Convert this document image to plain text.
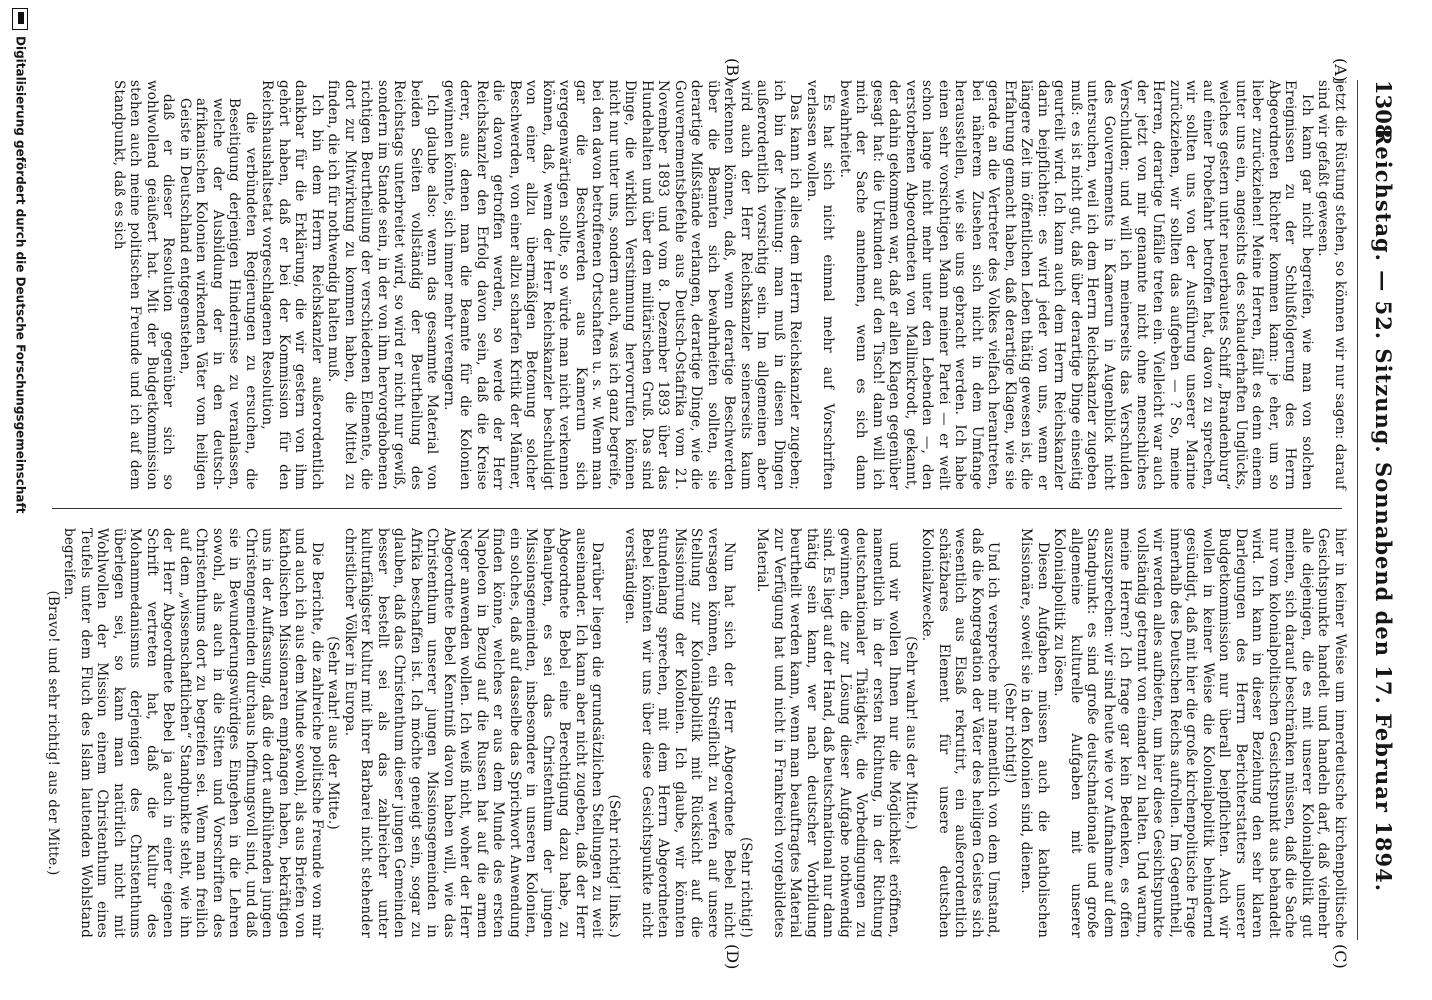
1308
Reichstag. — 52. Sitzung. Sonnabend den 17. Februar 1894.
(A)
(B)
(C)
(D)

jetzt die Rüstung stehen, so können wir nur sagen: darauf sind wir gefaßt gewesen.

Ich kann gar nicht begreifen, wie man von solchen Ereignissen zu der Schlußfolgerung des Herrn Abgeordneten Richter kommen kann: je eher, um so lieber zurückziehen! Meine Herren, fällt es denn einem unter uns ein, angesichts des schauderhaften Unglücks, welches gestern unter neuerbautes Schiff „Brandenburg“ auf einer Probefahrt betroffen hat, davon zu sprechen, wir sollten uns von der Ausführung unserer Marine zurückziehen, wir sollten das aufgeben — ? So, meine Herren, derartige Unfälle treten ein. Vielleicht war auch der jetzt von mir genannte nicht ohne menschliches Verschulden; und will ich meinerseits das Verschulden des Gouvernements in Kamerun in Augenblick nicht untersuchen, weil ich dem Herrn Reichskanzler zugeben muß: es ist nicht gut, daß über derartige Dinge einseitig geurteilt wird. Ich kann auch dem Herrn Reichskanzler darin beipflichten: es wird jeder von uns, wenn er längere Zeit im öffentlichen Leben thätig gewesen ist, die Erfahrung gemacht haben, daß derartige Klagen, wie sie gerade an die Vertreter des Volkes vielfach herantreten, bei näherem Zusehen sich nicht in dem Umfange herausstellen, wie sie uns gebracht werden. Ich habe einen sehr vorsichtigen Mann meiner Partei — er weilt schon lange nicht mehr unter den Lebenden —, den verstorbenen Abgeordneten von Mallinckrodt, gekannt, der dahin gekommen war, daß er allen Klagen gegenüber gesagt hat: die Urkunden auf den Tisch! dann will ich mich der Sache annehmen, wenn es sich dann bewahrheitet.

Es hat sich nicht einmal mehr auf Vorschriften verlassen wollen.

Das kann ich alles dem Herrn Reichskanzler zugeben; ich bin der Meinung: man muß in diesen Dingen außerordentlich vorsichtig sein. Im allgemeinen aber wird auch der Herr Reichskanzler seinerseits kaum verkennen können, daß, wenn derartige Beschwerden über die Beamten sich bewahrheiten sollten, sie derartige Mißstände verlangen, derartige Dinge, wie die Gouvernementsbefehle aus Deutsch-Ostafrika vom 21. November 1893 und vom 8. Dezember 1893 über das Hundehalten und über den militärischen Gruß. Das sind Dinge, die wirklich Verstimmung hervorrufen können nicht nur unter uns, sondern auch, was ich ganz begreife, bei den davon betroffenen Ortschaften u. s. w. Wenn man gar die Beschwerden aus Kamerun sich vergegenwärtigen sollte, so würde man nicht verkennen können, daß, wenn der Herr Reichskanzler beschuldigt von einer allzu übermäßigen Betonung solcher Beschwerden, von einer allzu scharfen Kritik der Männer, die davon getroffen werden, so werde der Herr Reichskanzler den Erfolg davon sein, daß die Kreise derer, aus denen man die Beamte für die Kolonien gewinnen könnte, sich immer mehr verengern.

Ich glaube also: wenn das gesammte Material von beiden Seiten vollständig der Beurtheilung des Reichstags unterbreitet wird, so wird er nicht nur gewiß, sondern im Stande sein, in der von ihm hervorgehobenen richtigen Beurtheilung der verschiedenen Elemente, die dort zur Mitwirkung zu kommen haben, die Mittel zu finden, die ich für nothwendig halten muß.

Ich bin dem Herrn Reichskanzler außerordentlich dankbar für die Erklärung, die wir gestern von ihm gehört haben, daß er bei der Kommission für den Reichshaushaltsetat vorgeschlagenen Resolution,

die verbündeten Regierungen zu ersuchen, die Beseitigung derjenigen Hindernisse zu veranlassen, welche der Ausbildung der in den deutsch-afrikanischen Kolonien wirkenden Väter vom heiligen Geiste in Deutschland entgegenstehen,

daß er dieser Resolution gegenüber sich so wohlwollend geäußert hat. Mit der Budgetkommission stehen auch meine politischen Freunde und ich auf dem Standpunkt, daß es sich

hier in keiner Weise um innerdeutsche kirchenpolitische Gesichtspunkte handelt und handeln darf, daß vielmehr alle diejenigen, die es mit unserer Kolonialpolitik gut meinen, sich darauf beschränken müssen, daß die Sache nur vom kolonialpolitischen Gesichtspunkt aus behandelt wird. Ich kann in dieser Beziehung den sehr klaren Darlegungen des Herrn Berichterstatters unserer Budgetkommission nur überall beipflichten. Auch wir wollen in keiner Weise die Kolonialpolitik behindernd gesündigt, daß mit hier die große kirchenpolitische Frage innerhalb des Deutschen Reichs aufrollen. Im Gegentheil, wir werden alles aufbieten, um hier diese Gesichtspunkte vollständig getrennt von einander zu halten. Und warum, meine Herren? Ich frage gar kein Bedenken, es offen auszusprechen: wir sind heute wie vor Aufnahme auf dem Standpunkt: es sind große deutschnationale und große allgemeine kulturelle Aufgaben mit unserer Kolonialpolitik zu lösen.

Diesen Aufgaben müssen auch die katholischen Missionäre, soweit sie in den Kolonien sind, dienen.

(Sehr richtig!)

Und ich verspreche mir namentlich von dem Umstand, daß die Kongregation der Väter des heiligen Geistes sich wesentlich aus Elsaß rekrutirt, ein außerordentlich schätzbares Element für unsere deutschen Kolonialzwecke.

(Sehr wahr! aus der Mitte.)

und wir wollen Ihnen nur die Möglichkeit eröffnen, namentlich in der ersten Richtung, in der Richtung deutschnationaler Thätigkeit, die Vorbedingungen zu gewinnen, die zur Lösung dieser Aufgabe nothwendig sind. Es liegt auf der Hand, daß beutschnational nur dann thätig sein kann, wer nach deutscher Vorbildung beurtheilt werden kann, wenn man beauftragtes Material zur Verfügung hat und nicht in Frankreich vorgebildetes Material.

(Sehr richtig!)

Nun hat sich der Herr Abgeordnete Bebel nicht versagen können, ein Streiflicht zu werfen auf unsere Stellung zur Kolonialpolitik mit Rücksicht auf die Missionirung der Kolonien. Ich glaube, wir könnten stundenlang sprechen, mit dem Herrn Abgeordneten Bebel könnten wir uns über diese Gesichtspunkte nicht verständigen.

(Sehr richtig! links.)

Darüber liegen die grundsätzlichen Stellungen zu weit auseinander. Ich kann aber nicht zugeben, daß der Herr Abgeordnete Bebel eine Berechtigung dazu habe, zu behaupten, es sei das Christenthum der jungen Missionsgemeinden, insbesondere in unseren Kolonien, ein solches, daß auf dasselbe das Sprichwort Anwendung finden könne, welches er aus dem Munde des ersten Napoleon in Bezug auf die Russen hat auf die armen Neger anwenden wollen. Ich weiß nicht, woher der Herr Abgeordnete Bebel Kenntniß davon haben will, wie das Christenthum unserer jungen Missionsgemeinden in Afrika beschaffen ist. Ich möchte geneigt sein, sogar zu glauben, daß das Christenthum dieser jungen Gemeinden besser bestellt sei als das zahlreicher unter kulturfähigster Kultur mit ihrer Barbarei nicht stehender christlicher Völker in Europa.

(Sehr wahr! aus der Mitte.)

Die Berichte, die zahlreiche politische Freunde von mir und auch ich aus dem Munde sowohl, als aus Briefen von katholischen Missionaren empfangen haben, bekräftigen uns in der Auffassung, daß die dort aufblühenden jungen Christengemeinden durchaus hoffnungsvoll sind, und daß sie in Bewunderungswürdiges Eingehen in die Lehren sowohl, als auch in die Sitten und Vorschriften des Christenthums dort zu begreifen sei. Wenn man freilich auf dem „wissenschaftlichen“ Standpunkte steht, wie ihn der Herr Abgeordnete Bebel ja auch in einer eigenen Schrift vertreten hat, daß die Kultur des Mohammedanismus derjenigen des Christenthums überlegen sei, so kann man natürlich nicht mit Wohlwollen der Mission einem Christenthum eines Teufels unter dem Fluch des Islam lautenden Wohlstand begreifen.

(Bravo! und sehr richtig! aus der Mitte.)

Digitalisierung gefördert durch die Deutsche Forschungsgemeinschaft
